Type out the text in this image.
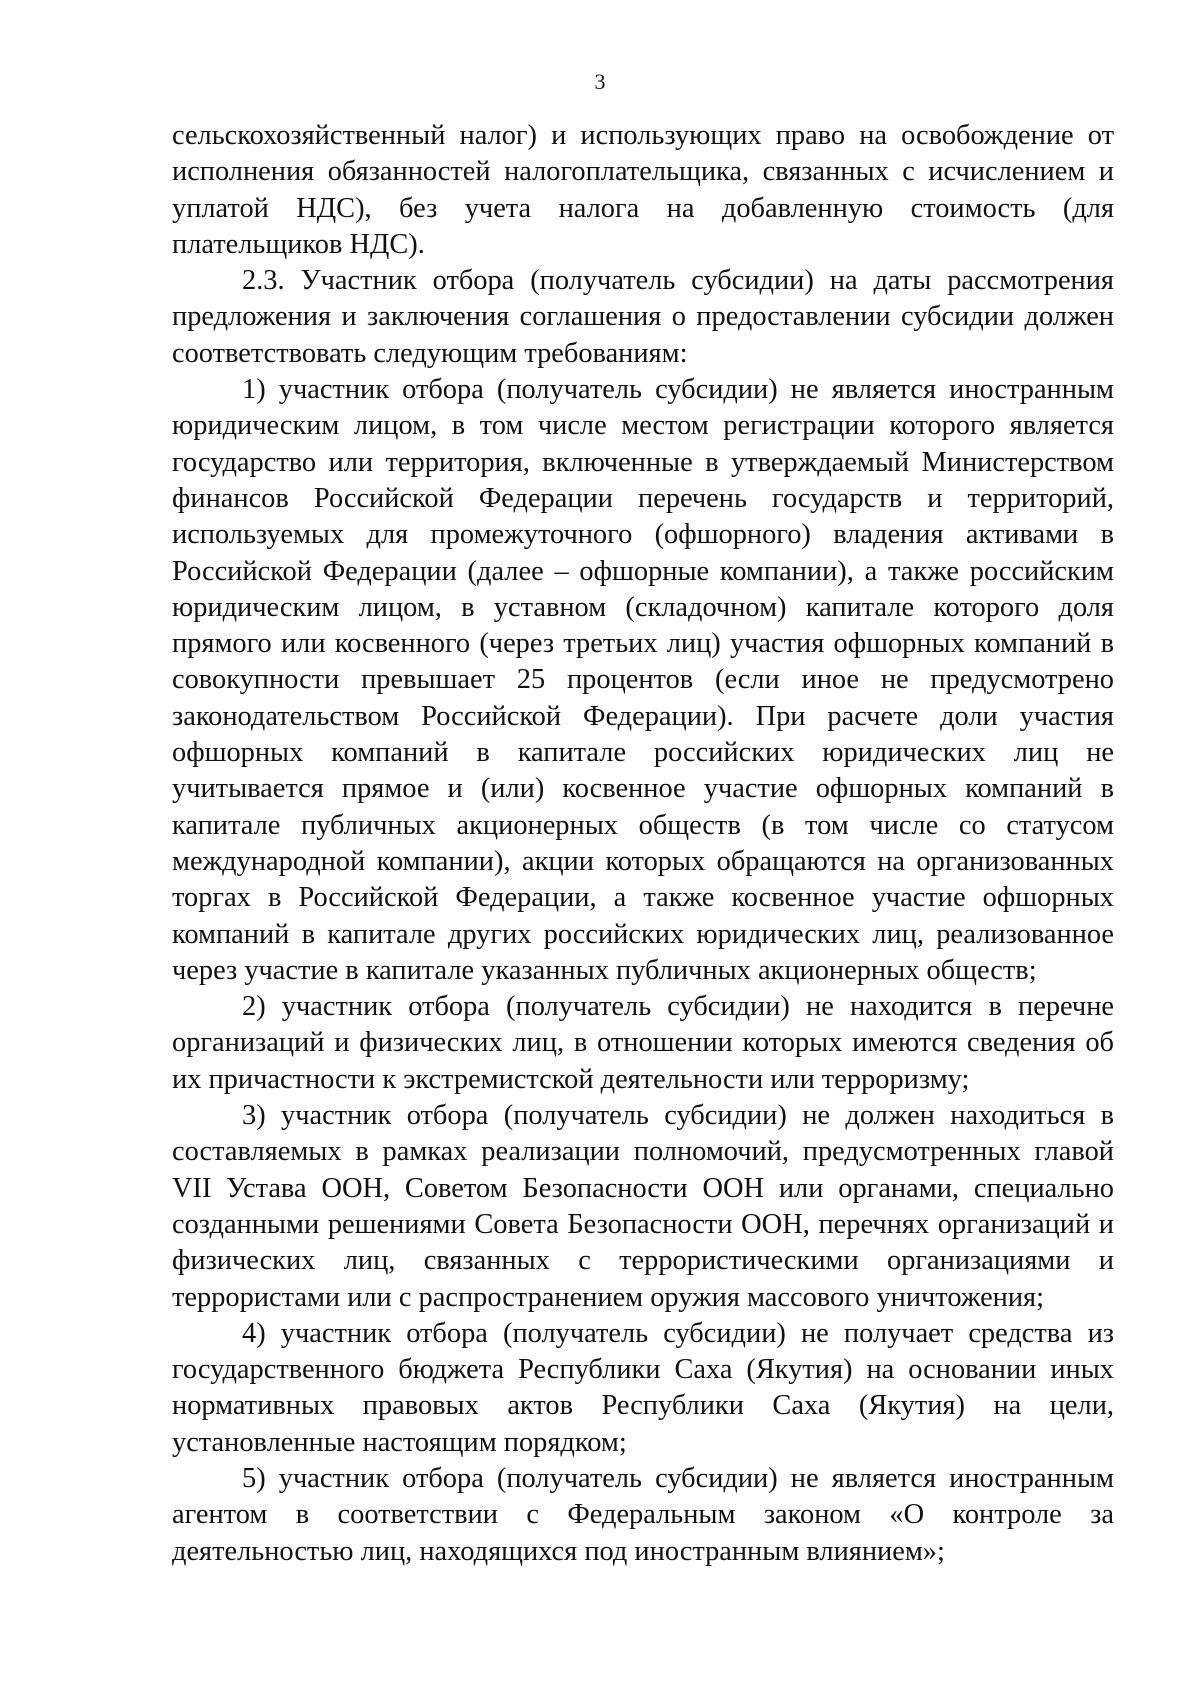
3

сельскохозяйственный налог) и использующих право на освобождение от исполнения обязанностей налогоплательщика, связанных с исчислением и уплатой НДС), без учета налога на добавленную стоимость (для плательщиков НДС).

2.3. Участник отбора (получатель субсидии) на даты рассмотрения предложения и заключения соглашения о предоставлении субсидии должен соответствовать следующим требованиям:

1) участник отбора (получатель субсидии) не является иностранным юридическим лицом, в том числе местом регистрации которого является государство или территория, включенные в утверждаемый Министерством финансов Российской Федерации перечень государств и территорий, используемых для промежуточного (офшорного) владения активами в Российской Федерации (далее – офшорные компании), а также российским юридическим лицом, в уставном (складочном) капитале которого доля прямого или косвенного (через третьих лиц) участия офшорных компаний в совокупности превышает 25 процентов (если иное не предусмотрено законодательством Российской Федерации). При расчете доли участия офшорных компаний в капитале российских юридических лиц не учитывается прямое и (или) косвенное участие офшорных компаний в капитале публичных акционерных обществ (в том числе со статусом международной компании), акции которых обращаются на организованных торгах в Российской Федерации, а также косвенное участие офшорных компаний в капитале других российских юридических лиц, реализованное через участие в капитале указанных публичных акционерных обществ;

2) участник отбора (получатель субсидии) не находится в перечне организаций и физических лиц, в отношении которых имеются сведения об их причастности к экстремистской деятельности или терроризму;

3) участник отбора (получатель субсидии) не должен находиться в составляемых в рамках реализации полномочий, предусмотренных главой VII Устава ООН, Советом Безопасности ООН или органами, специально созданными решениями Совета Безопасности ООН, перечнях организаций и физических лиц, связанных с террористическими организациями и террористами или с распространением оружия массового уничтожения;

4) участник отбора (получатель субсидии) не получает средства из государственного бюджета Республики Саха (Якутия) на основании иных нормативных правовых актов Республики Саха (Якутия) на цели, установленные настоящим порядком;

5) участник отбора (получатель субсидии) не является иностранным агентом в соответствии с Федеральным законом «О контроле за деятельностью лиц, находящихся под иностранным влиянием»;
